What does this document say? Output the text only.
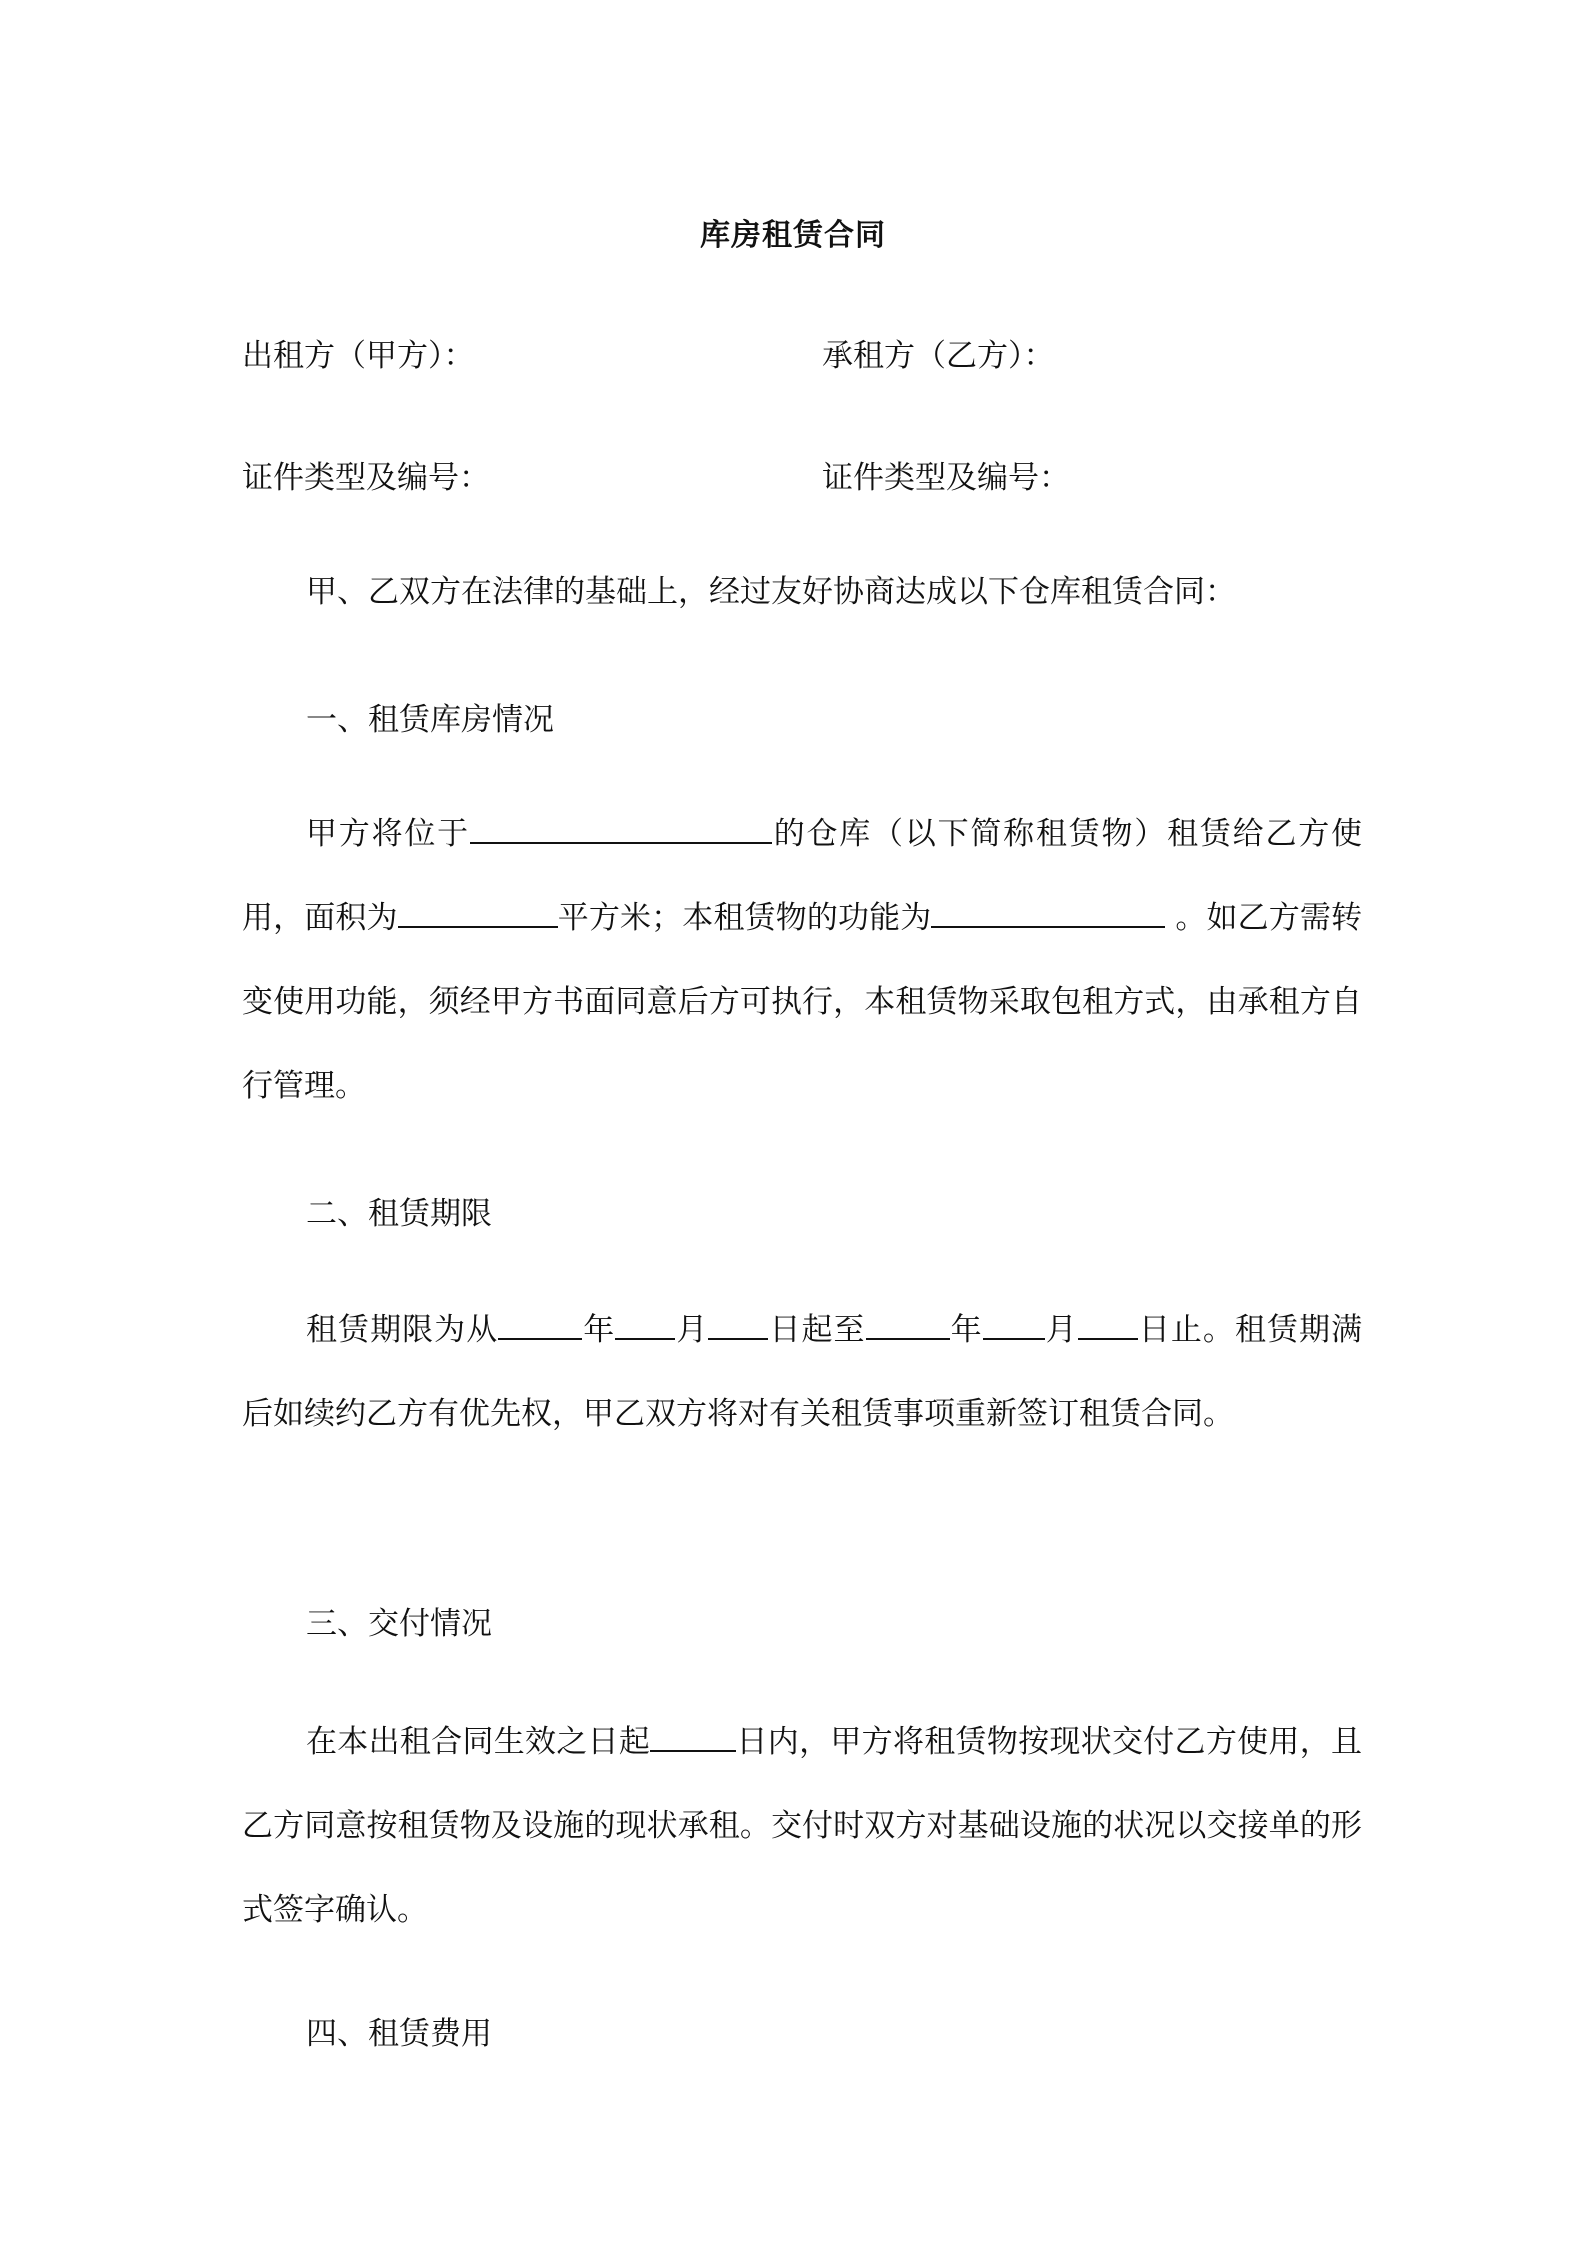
库房租赁合同
出租方（甲方）：	承租方（乙方）：
证件类型及编号：	证件类型及编号：
甲、乙双方在法律的基础上，经过友好协商达成以下仓库租赁合同：
一、租赁库房情况
甲方将位于	的仓库（以下简称租赁物）租赁给乙方使用，面积为	平方米；本租赁物的功能为	。如乙方需转变使用功能，须经甲方书面同意后方可执行，本租赁物采取包租方式，由承租方自行管理。
二、租赁期限
租赁期限为从	年 月 日起至	年 月 日止。租赁期满后如续约乙方有优先权，甲乙双方将对有关租赁事项重新签订租赁合同。
三、交付情况
在本出租合同生效之日起	日内，甲方将租赁物按现状交付乙方使用，且乙方同意按租赁物及设施的现状承租。交付时双方对基础设施的状况以交接单的形式签字确认。
四、租赁费用
